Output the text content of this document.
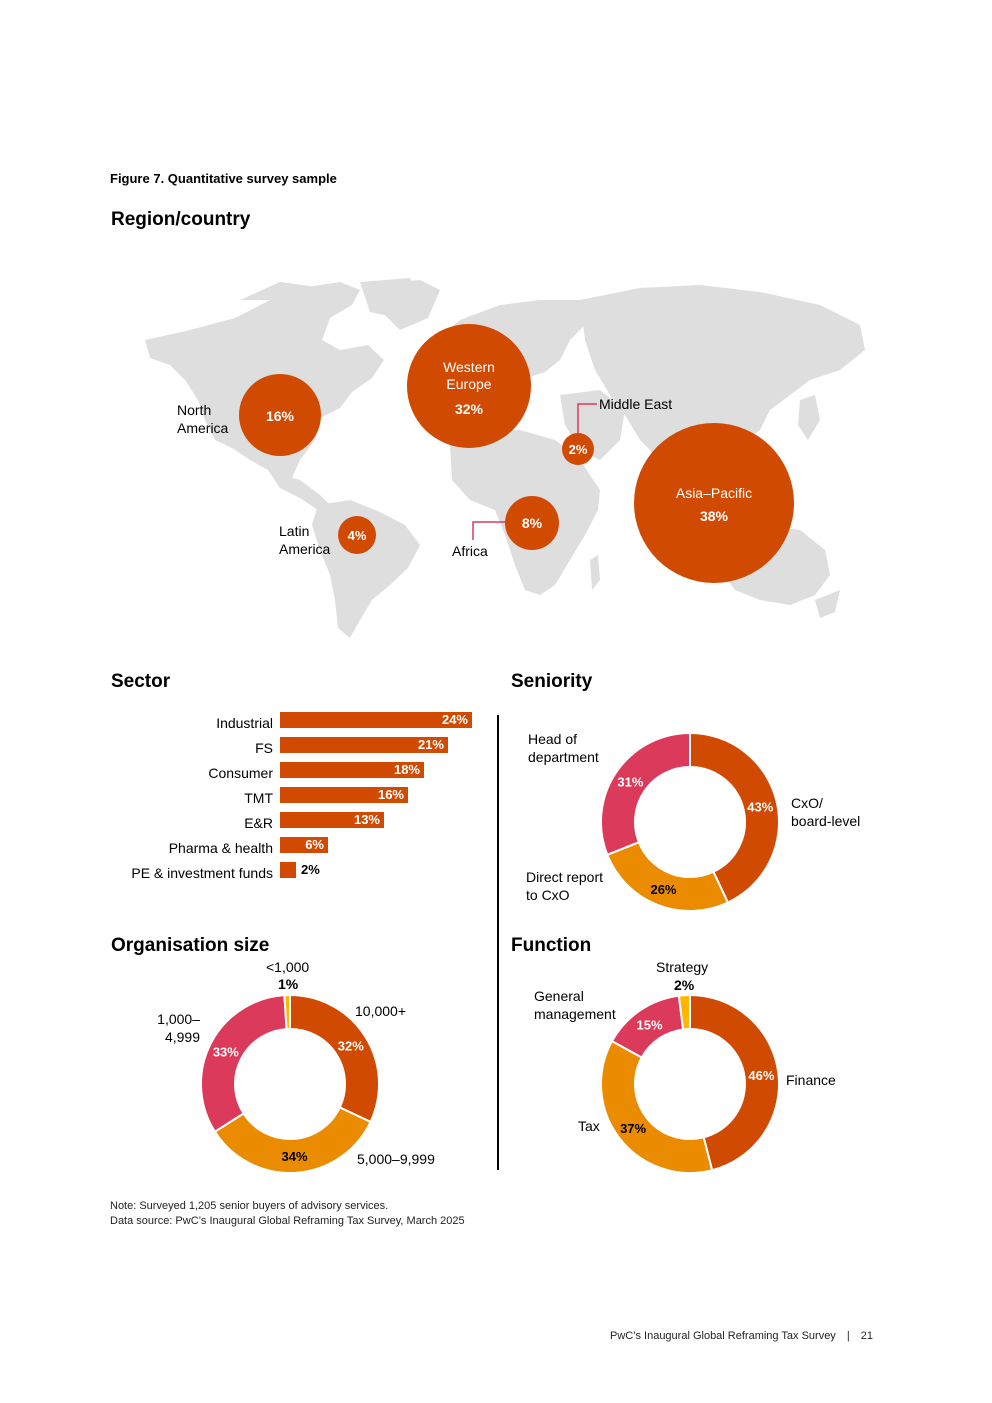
Figure 7. Quantitative survey sample
Region/country
16%
Western
Europe
32%
2%
Asia–Pacific
38%
4%
8%
North
America
Middle East
Latin
America	Africa
Sector
Industrial	24%
FS	21%
Consumer	18%
TMT	16%
E&R	13%
Pharma & health 6%
PE & investment funds 2%
Seniority
43%
26%
31%
Head of
department
CxO/
board-level
Direct report
to CxO
Organisation size
32%
34%
33%
<1,000
1%
10,000+
1,000–
4,999
5,000–9,999
Function
46%
37%
15%
Strategy
2%
General
management
Finance
Tax
Note: Surveyed 1,205 senior buyers of advisory services.
Data source: PwC’s Inaugural Global Reframing Tax Survey, March 2025
PwC’s Inaugural Global Reframing Tax Survey | 21
